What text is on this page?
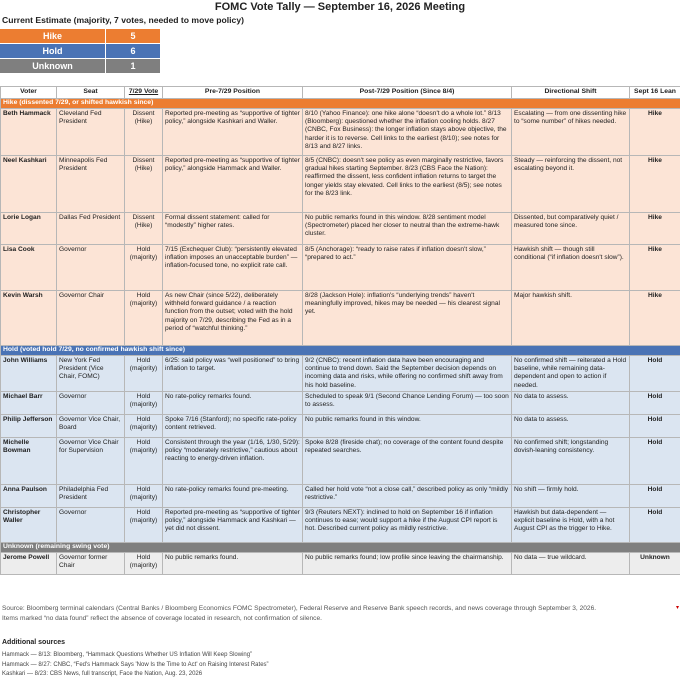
FOMC Vote Tally — September 16, 2026 Meeting
Current Estimate (majority, 7 votes, needed to move policy)
Hike	5
Hold	6
Unknown	1
Voter	Seat	7/29 Vote	Pre-7/29 Position	Post-7/29 Position (Since 8/4)	Directional Shift	Sept 16 Lean
Hike (dissented 7/29, or shifted hawkish since)						
Beth Hammack	Cleveland Fed President	Dissent (Hike)	Reported pre-meeting as “supportive of tighter policy,” alongside Kashkari and Waller.	8/10 (Yahoo Finance): one hike alone “doesn't do a whole lot.” 8/13 (Bloomberg): questioned whether the inflation cooling holds. 8/27 (CNBC, Fox Business): the longer inflation stays above objective, the harder it is to reverse. Cell links to the earliest (8/10); see notes for 8/13 and 8/27 links.	Escalating — from one dissenting hike to “some number” of hikes needed.	Hike
Neel Kashkari	Minneapolis Fed President	Dissent (Hike)	Reported pre-meeting as “supportive of tighter policy,” alongside Hammack and Waller.	8/5 (CNBC): doesn't see policy as even marginally restrictive, favors gradual hikes starting September. 8/23 (CBS Face the Nation): reaffirmed the dissent, less confident inflation returns to target the longer yields stay elevated. Cell links to the earliest (8/5); see notes for the 8/23 link.	Steady — reinforcing the dissent, not escalating beyond it.	Hike
Lorie Logan	Dallas Fed President	Dissent (Hike)	Formal dissent statement: called for “modestly” higher rates.	No public remarks found in this window. 8/28 sentiment model (Spectrometer) placed her closer to neutral than the extreme-hawk cluster.	Dissented, but comparatively quiet / measured tone since.	Hike
Lisa Cook	Governor	Hold (majority)	7/15 (Exchequer Club): “persistently elevated inflation imposes an unacceptable burden” — inflation-focused tone, no explicit rate call.	8/5 (Anchorage): “ready to raise rates if inflation doesn't slow,” “prepared to act.”	Hawkish shift — though still conditional (“if inflation doesn't slow”).	Hike
Kevin Warsh	Governor Chair	Hold (majority)	As new Chair (since 5/22), deliberately withheld forward guidance / a reaction function from the outset; voted with the hold majority on 7/29, describing the Fed as in a period of “watchful thinking.”	8/28 (Jackson Hole): inflation's “underlying trends” haven't meaningfully improved, hikes may be needed — his clearest signal yet.	Major hawkish shift.	Hike
Hold (voted hold 7/29, no confirmed hawkish shift since)						
John Williams	New York Fed President (Vice Chair, FOMC)	Hold (majority)	6/25: said policy was “well positioned” to bring inflation to target.	9/2 (CNBC): recent inflation data have been encouraging and continue to trend down. Said the September decision depends on incoming data and risks, while offering no confirmed shift away from his hold baseline.	No confirmed shift — reiterated a Hold baseline, while remaining data-dependent and open to action if needed.	Hold
Michael Barr	Governor	Hold (majority)	No rate-policy remarks found.	Scheduled to speak 9/1 (Second Chance Lending Forum) — too soon to assess.	No data to assess.	Hold
Philip Jefferson	Governor Vice Chair, Board	Hold (majority)	Spoke 7/16 (Stanford); no specific rate-policy content retrieved.	No public remarks found in this window.	No data to assess.	Hold
Michelle Bowman	Governor Vice Chair for Supervision	Hold (majority)	Consistent through the year (1/16, 1/30, 5/29): policy “moderately restrictive,” cautious about reacting to energy-driven inflation.	Spoke 8/28 (fireside chat); no coverage of the content found despite repeated searches.	No confirmed shift; longstanding dovish-leaning consistency.	Hold
Anna Paulson	Philadelphia Fed President	Hold (majority)	No rate-policy remarks found pre-meeting.	Called her hold vote “not a close call,” described policy as only “mildly restrictive.”	No shift — firmly hold.	Hold
Christopher Waller	Governor	Hold (majority)	Reported pre-meeting as “supportive of tighter policy,” alongside Hammack and Kashkari — yet did not dissent.	9/3 (Reuters NEXT): inclined to hold on September 16 if inflation continues to ease; would support a hike if the August CPI report is hot. Described current policy as mildly restrictive.	Hawkish but data-dependent — explicit baseline is Hold, with a hot August CPI as the trigger to Hike.	Hold
Unknown (remaining swing vote)						
Jerome Powell	Governor former Chair	Hold (majority)	No public remarks found.	No public remarks found; low profile since leaving the chairmanship.	No data — true wildcard.	Unknown
Source: Bloomberg terminal calendars (Central Banks / Bloomberg Economics FOMC Spectrometer), Federal Reserve and Reserve Bank speech records, and news coverage through September 3, 2026.
Items marked “no data found” reflect the absence of coverage located in research, not confirmation of silence.
▾
Additional sources
Hammack — 8/13: Bloomberg, “Hammack Questions Whether US Inflation Will Keep Slowing”
Hammack — 8/27: CNBC, “Fed's Hammack Says 'Now Is the Time to Act' on Raising Interest Rates”
Kashkari — 8/23: CBS News, full transcript, Face the Nation, Aug. 23, 2026
